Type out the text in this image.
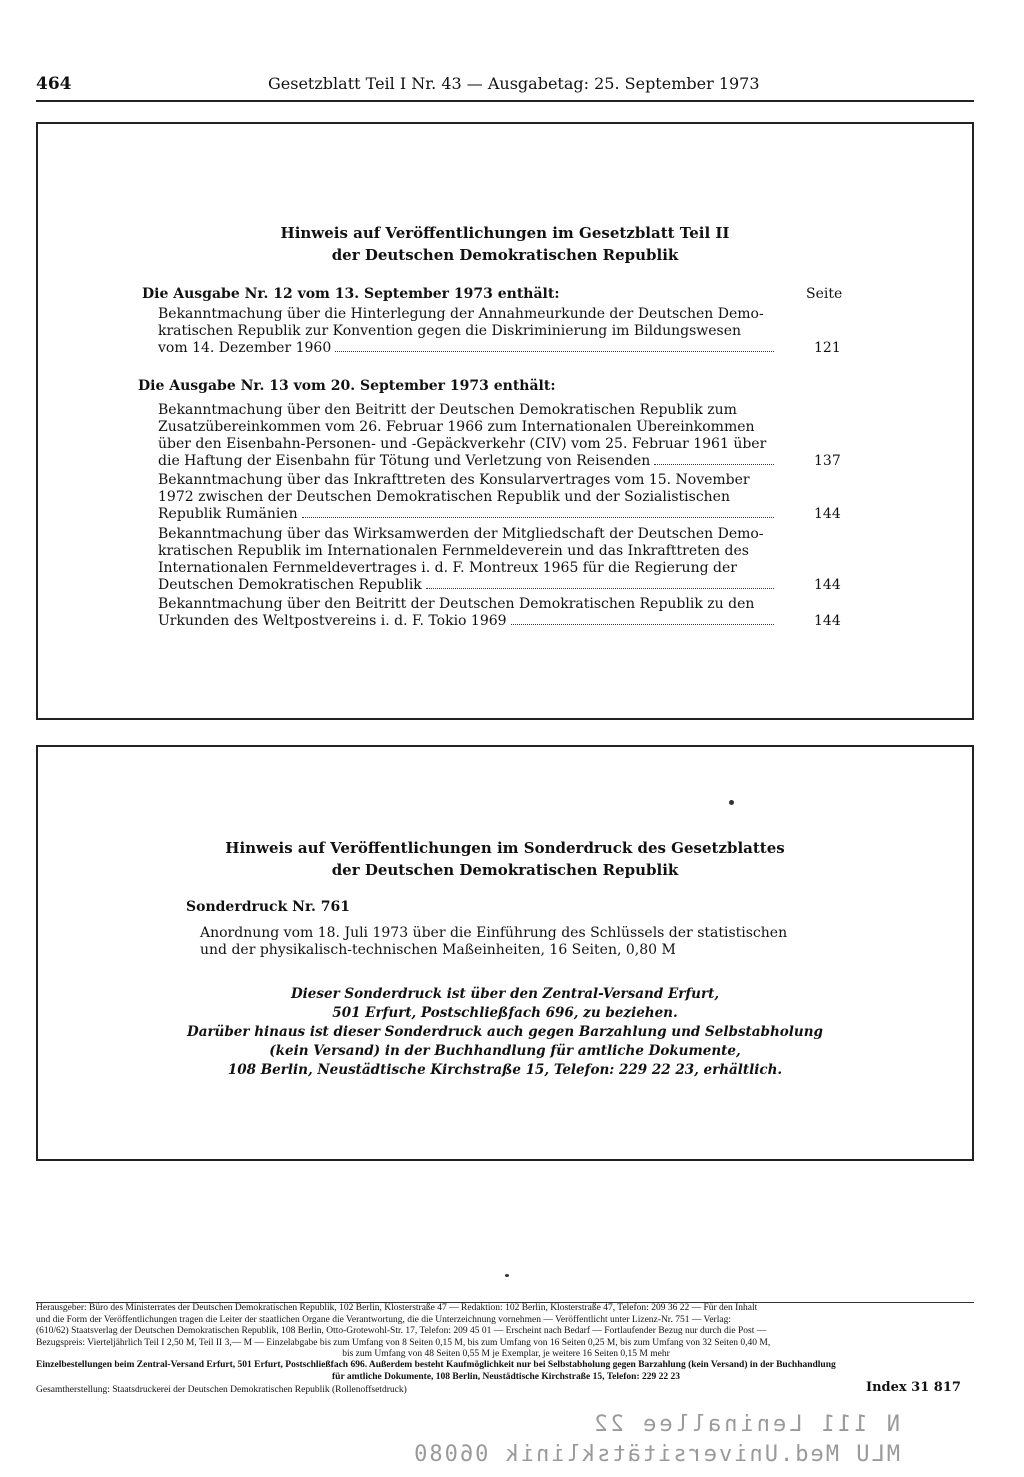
464	Gesetzblatt Teil I Nr. 43 — Ausgabetag: 25. September 1973
Hinweis auf Veröffentlichungen im Gesetzblatt Teil II
der Deutschen Demokratischen Republik
Die Ausgabe Nr. 12 vom 13. September 1973 enthält:	Seite
Bekanntmachung über die Hinterlegung der Annahmeurkunde der Deutschen Demo-
kratischen Republik zur Konvention gegen die Diskriminierung im Bildungswesen
vom 14. Dezember 1960	121
Die Ausgabe Nr. 13 vom 20. September 1973 enthält:
Bekanntmachung über den Beitritt der Deutschen Demokratischen Republik zum
Zusatzübereinkommen vom 26. Februar 1966 zum Internationalen Übereinkommen
über den Eisenbahn-Personen- und -Gepäckverkehr (CIV) vom 25. Februar 1961 über
die Haftung der Eisenbahn für Tötung und Verletzung von Reisenden	137
Bekanntmachung über das Inkrafttreten des Konsularvertrages vom 15. November
1972 zwischen der Deutschen Demokratischen Republik und der Sozialistischen
Republik Rumänien	144
Bekanntmachung über das Wirksamwerden der Mitgliedschaft der Deutschen Demo-
kratischen Republik im Internationalen Fernmeldeverein und das Inkrafttreten des
Internationalen Fernmeldevertrages i. d. F. Montreux 1965 für die Regierung der
Deutschen Demokratischen Republik	144
Bekanntmachung über den Beitritt der Deutschen Demokratischen Republik zu den
Urkunden des Weltpostvereins i. d. F. Tokio 1969	144
Hinweis auf Veröffentlichungen im Sonderdruck des Gesetzblattes
der Deutschen Demokratischen Republik
Sonderdruck Nr. 761
Anordnung vom 18. Juli 1973 über die Einführung des Schlüssels der statistischen
und der physikalisch-technischen Maßeinheiten, 16 Seiten, 0,80 M
Dieser Sonderdruck ist über den Zentral-Versand Erfurt,
501 Erfurt, Postschließfach 696, zu beziehen.
Darüber hinaus ist dieser Sonderdruck auch gegen Barzahlung und Selbstabholung
(kein Versand) in der Buchhandlung für amtliche Dokumente,
108 Berlin, Neustädtische Kirchstraße 15, Telefon: 229 22 23, erhältlich.
Herausgeber: Büro des Ministerrates der Deutschen Demokratischen Republik, 102 Berlin, Klosterstraße 47 — Redaktion: 102 Berlin, Klosterstraße 47, Telefon: 209 36 22 — Für den Inhalt
und die Form der Veröffentlichungen tragen die Leiter der staatlichen Organe die Verantwortung, die die Unterzeichnung vornehmen — Veröffentlicht unter Lizenz-Nr. 751 — Verlag:
(610/62) Staatsverlag der Deutschen Demokratischen Republik, 108 Berlin, Otto-Grotewohl-Str. 17, Telefon: 209 45 01 — Erscheint nach Bedarf — Fortlaufender Bezug nur durch die Post —
Bezugspreis: Vierteljährlich Teil I 2,50 M, Teil II 3,— M — Einzelabgabe bis zum Umfang von 8 Seiten 0,15 M, bis zum Umfang von 16 Seiten 0,25 M, bis zum Umfang von 32 Seiten 0,40 M,
bis zum Umfang von 48 Seiten 0,55 M je Exemplar, je weitere 16 Seiten 0,15 M mehr
Einzelbestellungen beim Zentral-Versand Erfurt, 501 Erfurt, Postschließfach 696. Außerdem besteht Kaufmöglichkeit nur bei Selbstabholung gegen Barzahlung (kein Versand) in der Buchhandlung
für amtliche Dokumente, 108 Berlin, Neustädtische Kirchstraße 15, Telefon: 229 22 23
Gesamtherstellung: Staatsdruckerei der Deutschen Demokratischen Republik (Rollenoffsetdruck)	Index 31 817
N 111 Leninallee 22
MLU Med.Universitätsklinik 06080
